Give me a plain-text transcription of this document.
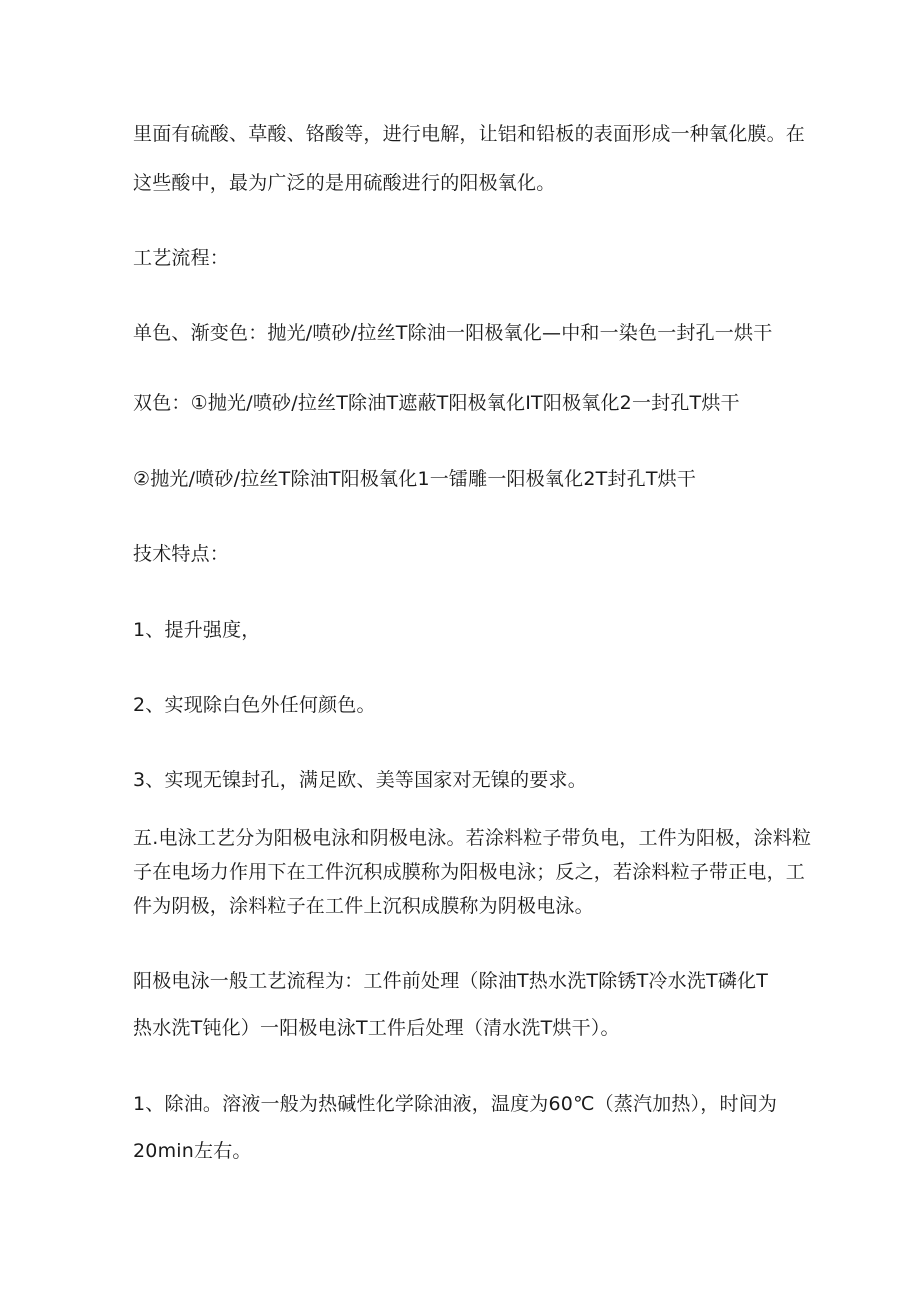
里面有硫酸、草酸、铬酸等，进行电解，让铝和铅板的表面形成一种氧化膜。在
这些酸中，最为广泛的是用硫酸进行的阳极氧化。
工艺流程：
单色、渐变色：抛光/喷砂/拉丝T除油一阳极氧化—中和一染色一封孔一烘干
双色：①抛光/喷砂/拉丝T除油T遮蔽T阳极氧化IT阳极氧化2一封孔T烘干
②抛光/喷砂/拉丝T除油T阳极氧化1一镭雕一阳极氧化2T封孔T烘干
技术特点：
1、提升强度，
2、实现除白色外任何颜色。
3、实现无镍封孔，满足欧、美等国家对无镍的要求。
五.电泳工艺分为阳极电泳和阴极电泳。若涂料粒子带负电，工件为阳极，涂料粒
子在电场力作用下在工件沉积成膜称为阳极电泳；反之，若涂料粒子带正电，工
件为阴极，涂料粒子在工件上沉积成膜称为阴极电泳。
阳极电泳一般工艺流程为：工件前处理（除油T热水洗T除锈T冷水洗T磷化T
热水洗T钝化）一阳极电泳T工件后处理（清水洗T烘干）。
1、除油。溶液一般为热碱性化学除油液，温度为60℃（蒸汽加热），时间为
20min左右。
